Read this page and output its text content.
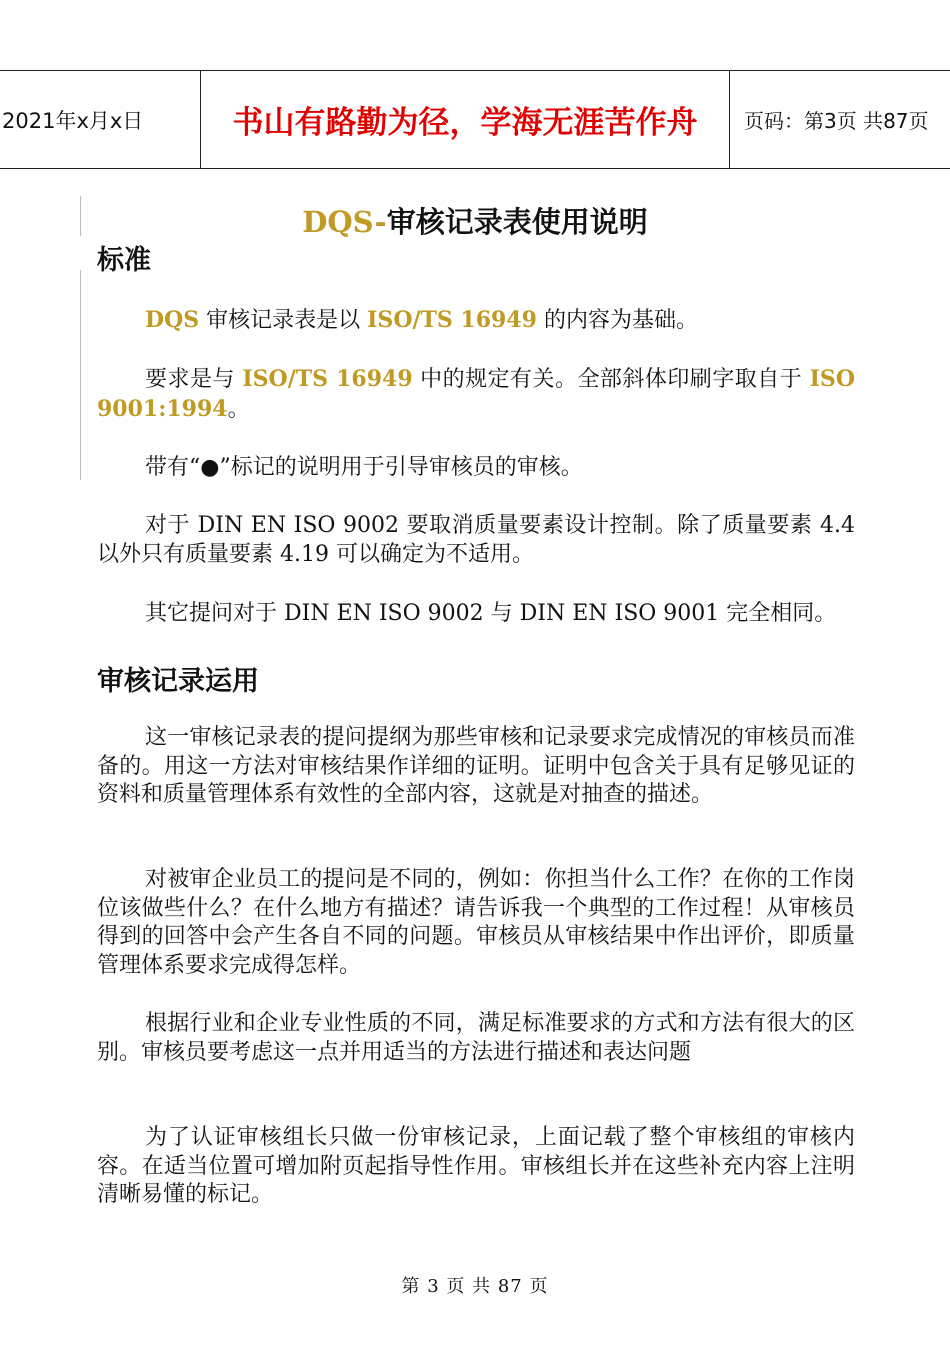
2021年x月x日	书山有路勤为径，学海无涯苦作舟	页码：第3页 共87页
DQS-审核记录表使用说明
标准
DQS 审核记录表是以 ISO/TS 16949 的内容为基础。
要求是与 ISO/TS 16949 中的规定有关。全部斜体印刷字取自于 ISO 9001:1994。
带有“●”标记的说明用于引导审核员的审核。
对于 DIN EN ISO 9002 要取消质量要素设计控制。除了质量要素 4.4 以外只有质量要素 4.19 可以确定为不适用。
其它提问对于 DIN EN ISO 9002 与 DIN EN ISO 9001 完全相同。
审核记录运用
这一审核记录表的提问提纲为那些审核和记录要求完成情况的审核员而准备的。用这一方法对审核结果作详细的证明。证明中包含关于具有足够见证的资料和质量管理体系有效性的全部内容，这就是对抽查的描述。
对被审企业员工的提问是不同的，例如：你担当什么工作？在你的工作岗位该做些什么？在什么地方有描述？请告诉我一个典型的工作过程！从审核员得到的回答中会产生各自不同的问题。审核员从审核结果中作出评价，即质量管理体系要求完成得怎样。
根据行业和企业专业性质的不同，满足标准要求的方式和方法有很大的区别。审核员要考虑这一点并用适当的方法进行描述和表达问题
为了认证审核组长只做一份审核记录，上面记载了整个审核组的审核内容。在适当位置可增加附页起指导性作用。审核组长并在这些补充内容上注明清晰易懂的标记。
第 3 页 共 87 页
